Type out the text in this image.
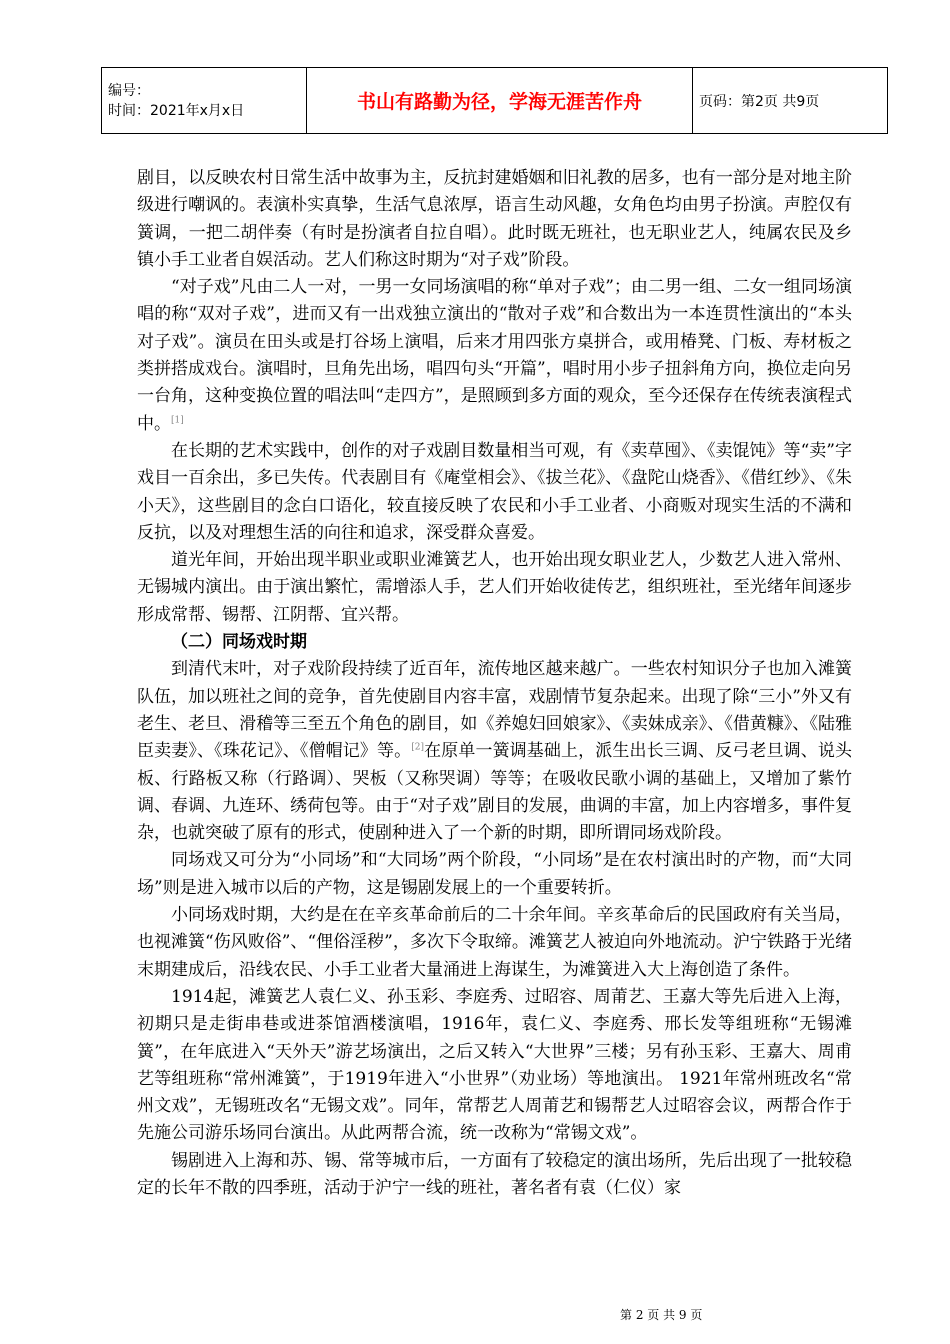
编号：
时间：2021年x月x日	书山有路勤为径，学海无涯苦作舟	页码：第2页 共9页

剧目，以反映农村日常生活中故事为主，反抗封建婚姻和旧礼教的居多，也有一部分是对地主阶级进行嘲讽的。表演朴实真挚，生活气息浓厚，语言生动风趣，女角色均由男子扮演。声腔仅有簧调，一把二胡伴奏（有时是扮演者自拉自唱）。此时既无班社，也无职业艺人，纯属农民及乡镇小手工业者自娱活动。艺人们称这时期为“对子戏”阶段。

“对子戏”凡由二人一对，一男一女同场演唱的称“单对子戏”；由二男一组、二女一组同场演唱的称“双对子戏”，进而又有一出戏独立演出的“散对子戏”和合数出为一本连贯性演出的“本头对子戏”。演员在田头或是打谷场上演唱，后来才用四张方桌拼合，或用椿凳、门板、寿材板之类拼搭成戏台。演唱时，旦角先出场，唱四句头“开篇”，唱时用小步子扭斜角方向，换位走向另一台角，这种变换位置的唱法叫“走四方”，是照顾到多方面的观众，至今还保存在传统表演程式中。[1]

在长期的艺术实践中，创作的对子戏剧目数量相当可观，有《卖草囤》、《卖馄饨》等“卖”字戏目一百余出，多已失传。代表剧目有《庵堂相会》、《拔兰花》、《盘陀山烧香》、《借红纱》、《朱小天》，这些剧目的念白口语化，较直接反映了农民和小手工业者、小商贩对现实生活的不满和反抗，以及对理想生活的向往和追求，深受群众喜爱。

道光年间，开始出现半职业或职业滩簧艺人，也开始出现女职业艺人，少数艺人进入常州、无锡城内演出。由于演出繁忙，需增添人手，艺人们开始收徒传艺，组织班社，至光绪年间逐步形成常帮、锡帮、江阴帮、宜兴帮。

（二）同场戏时期

到清代末叶，对子戏阶段持续了近百年，流传地区越来越广。一些农村知识分子也加入滩簧队伍，加以班社之间的竞争，首先使剧目内容丰富，戏剧情节复杂起来。出现了除“三小”外又有老生、老旦、滑稽等三至五个角色的剧目，如《养媳妇回娘家》、《卖妹成亲》、《借黄糠》、《陆雅臣卖妻》、《珠花记》、《僧帽记》等。[2]在原单一簧调基础上，派生出长三调、反弓老旦调、说头板、行路板又称（行路调）、哭板（又称哭调）等等；在吸收民歌小调的基础上，又增加了紫竹调、春调、九连环、绣荷包等。由于“对子戏”剧目的发展，曲调的丰富，加上内容增多，事件复杂，也就突破了原有的形式，使剧种进入了一个新的时期，即所谓同场戏阶段。

同场戏又可分为“小同场”和“大同场”两个阶段，“小同场”是在农村演出时的产物，而“大同场”则是进入城市以后的产物，这是锡剧发展上的一个重要转折。

小同场戏时期，大约是在在辛亥革命前后的二十余年间。辛亥革命后的民国政府有关当局，也视滩簧“伤风败俗”、“俚俗淫秽”，多次下令取缔。滩簧艺人被迫向外地流动。沪宁铁路于光绪末期建成后，沿线农民、小手工业者大量涌进上海谋生，为滩簧进入大上海创造了条件。

1914起，滩簧艺人袁仁义、孙玉彩、李庭秀、过昭容、周莆艺、王嘉大等先后进入上海，初期只是走街串巷或进茶馆酒楼演唱，1916年，袁仁义、李庭秀、邢长发等组班称“无锡滩簧”，在年底进入“天外天”游艺场演出，之后又转入“大世界”三楼；另有孙玉彩、王嘉大、周甫艺等组班称“常州滩簧”，于1919年进入“小世界”（劝业场）等地演出。 1921年常州班改名“常州文戏”，无锡班改名“无锡文戏”。同年，常帮艺人周莆艺和锡帮艺人过昭容会议，两帮合作于先施公司游乐场同台演出。从此两帮合流，统一改称为“常锡文戏”。

锡剧进入上海和苏、锡、常等城市后，一方面有了较稳定的演出场所，先后出现了一批较稳定的长年不散的四季班，活动于沪宁一线的班社，著名者有袁（仁仪）家

第 2 页 共 9 页
